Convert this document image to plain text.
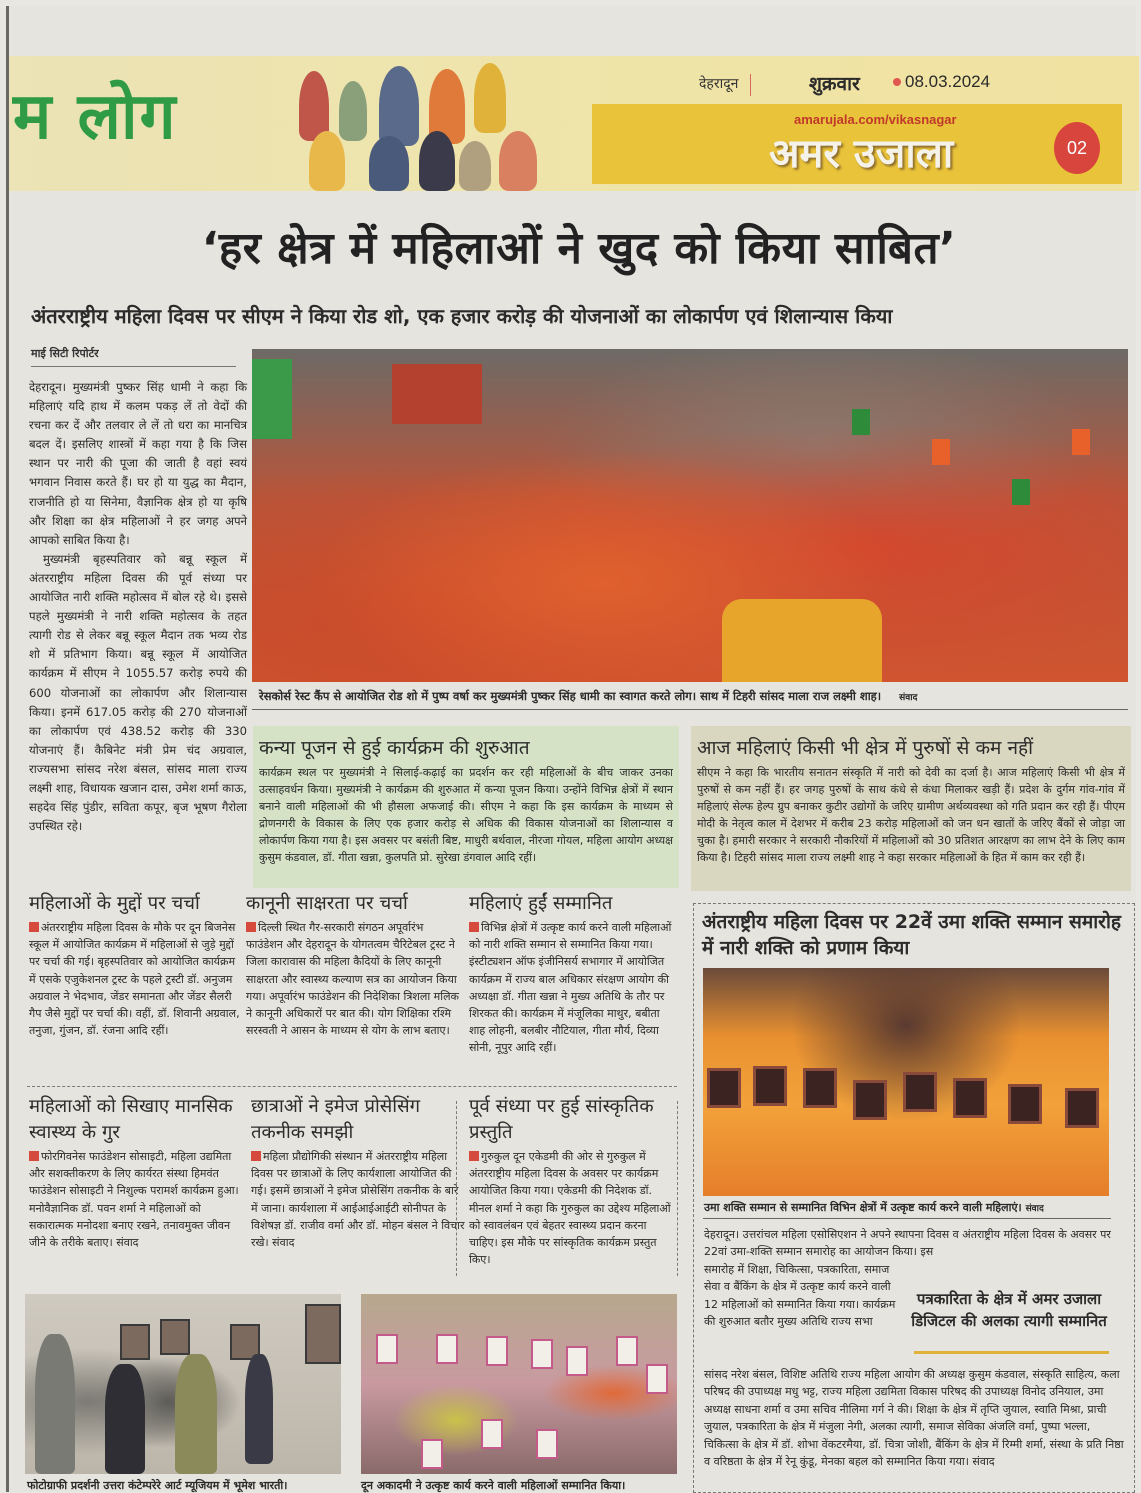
म लोग	देहरादून	शुक्रवार	08.03.2024
amarujala.com/vikasnagar
अमर उजाला	02
‘हर क्षेत्र में महिलाओं ने खुद को किया साबित’
अंतरराष्ट्रीय महिला दिवस पर सीएम ने किया रोड शो, एक हजार करोड़ की योजनाओं का लोकार्पण एवं शिलान्यास किया
माई सिटी रिपोर्टर

देहरादून। मुख्यमंत्री पुष्कर सिंह धामी ने कहा कि महिलाएं यदि हाथ में कलम पकड़ लें तो वेदों की रचना कर दें और तलवार ले लें तो धरा का मानचित्र बदल दें। इसलिए शास्त्रों में कहा गया है कि जिस स्थान पर नारी की पूजा की जाती है वहां स्वयं भगवान निवास करते हैं। घर हो या युद्ध का मैदान, राजनीति हो या सिनेमा, वैज्ञानिक क्षेत्र हो या कृषि और शिक्षा का क्षेत्र महिलाओं ने हर जगह अपने आपको साबित किया है।

मुख्यमंत्री बृहस्पतिवार को बन्नू स्कूल में अंतरराष्ट्रीय महिला दिवस की पूर्व संध्या पर आयोजित नारी शक्ति महोत्सव में बोल रहे थे। इससे पहले मुख्यमंत्री ने नारी शक्ति महोत्सव के तहत त्यागी रोड से लेकर बन्नू स्कूल मैदान तक भव्य रोड शो में प्रतिभाग किया। बन्नू स्कूल में आयोजित कार्यक्रम में सीएम ने 1055.57 करोड़ रुपये की 600 योजनाओं का लोकार्पण और शिलान्यास किया। इनमें 617.05 करोड़ की 270 योजनाओं का लोकार्पण एवं 438.52 करोड़ की 330 योजनाएं हैं। कैबिनेट मंत्री प्रेम चंद अग्रवाल, राज्यसभा सांसद नरेश बंसल, सांसद माला राज्य लक्ष्मी शाह, विधायक खजान दास, उमेश शर्मा काऊ, सहदेव सिंह पुंडीर, सविता कपूर, बृज भूषण गैरोला उपस्थित रहे।

रेसकोर्स रेस्ट कैंप से आयोजित रोड शो में पुष्प वर्षा कर मुख्यमंत्री पुष्कर सिंह धामी का स्वागत करते लोग। साथ में टिहरी सांसद माला राज लक्ष्मी शाह। संवाद
कन्या पूजन से हुई कार्यक्रम की शुरुआत
कार्यक्रम स्थल पर मुख्यमंत्री ने सिलाई-कढ़ाई का प्रदर्शन कर रही महिलाओं के बीच जाकर उनका उत्साहवर्धन किया। मुख्यमंत्री ने कार्यक्रम की शुरुआत में कन्या पूजन किया। उन्होंने विभिन्न क्षेत्रों में स्थान बनाने वाली महिलाओं की भी हौसला अफजाई की। सीएम ने कहा कि इस कार्यक्रम के माध्यम से द्रोणनगरी के विकास के लिए एक हजार करोड़ से अधिक की विकास योजनाओं का शिलान्यास व लोकार्पण किया गया है। इस अवसर पर बसंती बिष्ट, माधुरी बर्थवाल, नीरजा गोयल, महिला आयोग अध्यक्ष कुसुम कंडवाल, डॉ. गीता खन्ना, कुलपति प्रो. सुरेखा डंगवाल आदि रहीं।
आज महिलाएं किसी भी क्षेत्र में पुरुषों से कम नहीं
सीएम ने कहा कि भारतीय सनातन संस्कृति में नारी को देवी का दर्जा है। आज महिलाएं किसी भी क्षेत्र में पुरुषों से कम नहीं हैं। हर जगह पुरुषों के साथ कंधे से कंधा मिलाकर खड़ी हैं। प्रदेश के दुर्गम गांव-गांव में महिलाएं सेल्फ हेल्प ग्रुप बनाकर कुटीर उद्योगों के जरिए ग्रामीण अर्थव्यवस्था को गति प्रदान कर रही हैं। पीएम मोदी के नेतृत्व काल में देशभर में करीब 23 करोड़ महिलाओं को जन धन खातों के जरिए बैंकों से जोड़ा जा चुका है। हमारी सरकार ने सरकारी नौकरियों में महिलाओं को 30 प्रतिशत आरक्षण का लाभ देने के लिए काम किया है। टिहरी सांसद माला राज्य लक्ष्मी शाह ने कहा सरकार महिलाओं के हित में काम कर रही हैं।
महिलाओं के मुद्दों पर चर्चा
अंतरराष्ट्रीय महिला दिवस के मौके पर दून बिजनेस स्कूल में आयोजित कार्यक्रम में महिलाओं से जुड़े मुद्दों पर चर्चा की गई। बृहस्पतिवार को आयोजित कार्यक्रम में एसके एजुकेशनल ट्रस्ट के पहले ट्रस्टी डॉ. अनुजम अग्रवाल ने भेदभाव, जेंडर समानता और जेंडर सैलरी गैप जैसे मुद्दों पर चर्चा की। वहीं, डॉ. शिवानी अग्रवाल, तनुजा, गुंजन, डॉ. रंजना आदि रहीं।
कानूनी साक्षरता पर चर्चा
दिल्ली स्थित गैर-सरकारी संगठन अपूर्वारंभ फाउंडेशन और देहरादून के योगतत्वम चैरिटेबल ट्रस्ट ने जिला कारावास की महिला कैदियों के लिए कानूनी साक्षरता और स्वास्थ्य कल्याण सत्र का आयोजन किया गया। अपूर्वारंभ फाउंडेशन की निदेशिका त्रिशला मलिक ने कानूनी अधिकारों पर बात की। योग शिक्षिका रश्मि सरस्वती ने आसन के माध्यम से योग के लाभ बताए।
महिलाएं हुईं सम्मानित
विभिन्न क्षेत्रों में उत्कृष्ट कार्य करने वाली महिलाओं को नारी शक्ति सम्मान से सम्मानित किया गया। इंस्टीट्यशन ऑफ इंजीनिसर्य सभागार में आयोजित कार्यक्रम में राज्य बाल अधिकार संरक्षण आयोग की अध्यक्षा डॉ. गीता खन्ना ने मुख्य अतिथि के तौर पर शिरकत की। कार्यक्रम में मंजूलिका माथुर, बबीता शाह लोहनी, बलबीर नौटियाल, गीता मौर्य, दिव्या सोनी, नूपुर आदि रहीं।
महिलाओं को सिखाए मानसिक स्वास्थ्य के गुर
फोरगिवनेस फाउंडेशन सोसाइटी, महिला उद्यमिता और सशक्तीकरण के लिए कार्यरत संस्था हिमवंत फाउंडेशन सोसाइटी ने निशुल्क परामर्श कार्यक्रम हुआ। मनोवैज्ञानिक डॉ. पवन शर्मा ने महिलाओं को सकारात्मक मनोदशा बनाए रखने, तनावमुक्त जीवन जीने के तरीके बताए। संवाद
छात्राओं ने इमेज प्रोसेसिंग तकनीक समझी
महिला प्रौद्योगिकी संस्थान में अंतरराष्ट्रीय महिला दिवस पर छात्राओं के लिए कार्यशाला आयोजित की गई। इसमें छात्राओं ने इमेज प्रोसेसिंग तकनीक के बारे में जाना। कार्यशाला में आईआईआईटी सोनीपत के विशेषज्ञ डॉ. राजीव वर्मा और डॉ. मोहन बंसल ने विचार रखे। संवाद
पूर्व संध्या पर हुई सांस्कृतिक प्रस्तुति
गुरुकुल दून एकेडमी की ओर से गुरुकुल में अंतरराष्ट्रीय महिला दिवस के अवसर पर कार्यक्रम आयोजित किया गया। एकेडमी की निदेशक डॉ. मीनल शर्मा ने कहा कि गुरुकुल का उद्देश्य महिलाओं को स्वावलंबन एवं बेहतर स्वास्थ्य प्रदान करना चाहिए। इस मौके पर सांस्कृतिक कार्यक्रम प्रस्तुत किए।
अंतराष्ट्रीय महिला दिवस पर 22वें उमा शक्ति सम्मान समारोह में नारी शक्ति को प्रणाम किया
उमा शक्ति सम्मान से सम्मानित विभिन क्षेत्रों में उत्कृष्ट कार्य करने वाली महिलाएं। संवाद
देहरादून। उत्तरांचल महिला एसोसिएशन ने अपने स्थापना दिवस व अंतराष्ट्रीय महिला दिवस के अवसर पर 22वां उमा-शक्ति सम्मान समारोह का आयोजन किया। इस
समारोह में शिक्षा, चिकित्सा, पत्रकारिता, समाज सेवा व बैंकिंग के क्षेत्र में उत्कृष्ट कार्य करने वाली 12 महिलाओं को सम्मानित किया गया। कार्यक्रम की शुरुआत बतौर मुख्य अतिथि राज्य सभा
पत्रकारिता के क्षेत्र में अमर उजाला डिजिटल की अलका त्यागी सम्मानित
सांसद नरेश बंसल, विशिष्ट अतिथि राज्य महिला आयोग की अध्यक्ष कुसुम कंडवाल, संस्कृति साहित्य, कला परिषद की उपाध्यक्ष मधु भट्ट, राज्य महिला उद्यमिता विकास परिषद की उपाध्यक्ष विनोद उनियाल, उमा अध्यक्ष साधना शर्मा व उमा सचिव नीलिमा गर्ग ने की। शिक्षा के क्षेत्र में तृप्ति जुयाल, स्वाति मिश्रा, प्राची जुयाल, पत्रकारिता के क्षेत्र में मंजुला नेगी, अलका त्यागी, समाज सेविका अंजलि वर्मा, पुष्पा भल्ला, चिकित्सा के क्षेत्र में डॉ. शोभा वेंकटरमैया, डॉ. चित्रा जोशी, बैंकिंग के क्षेत्र में रिम्मी शर्मा, संस्था के प्रति निष्ठा व वरिष्ठता के क्षेत्र में रेनू कुंडू, मेनका बहल को सम्मानित किया गया। संवाद
फोटोग्राफी प्रदर्शनी उत्तरा कंटेम्परेरे आर्ट म्यूजियम में भूमेश भारती।	दून अकादमी ने उत्कृष्ट कार्य करने वाली महिलाओं सम्मानित किया।
